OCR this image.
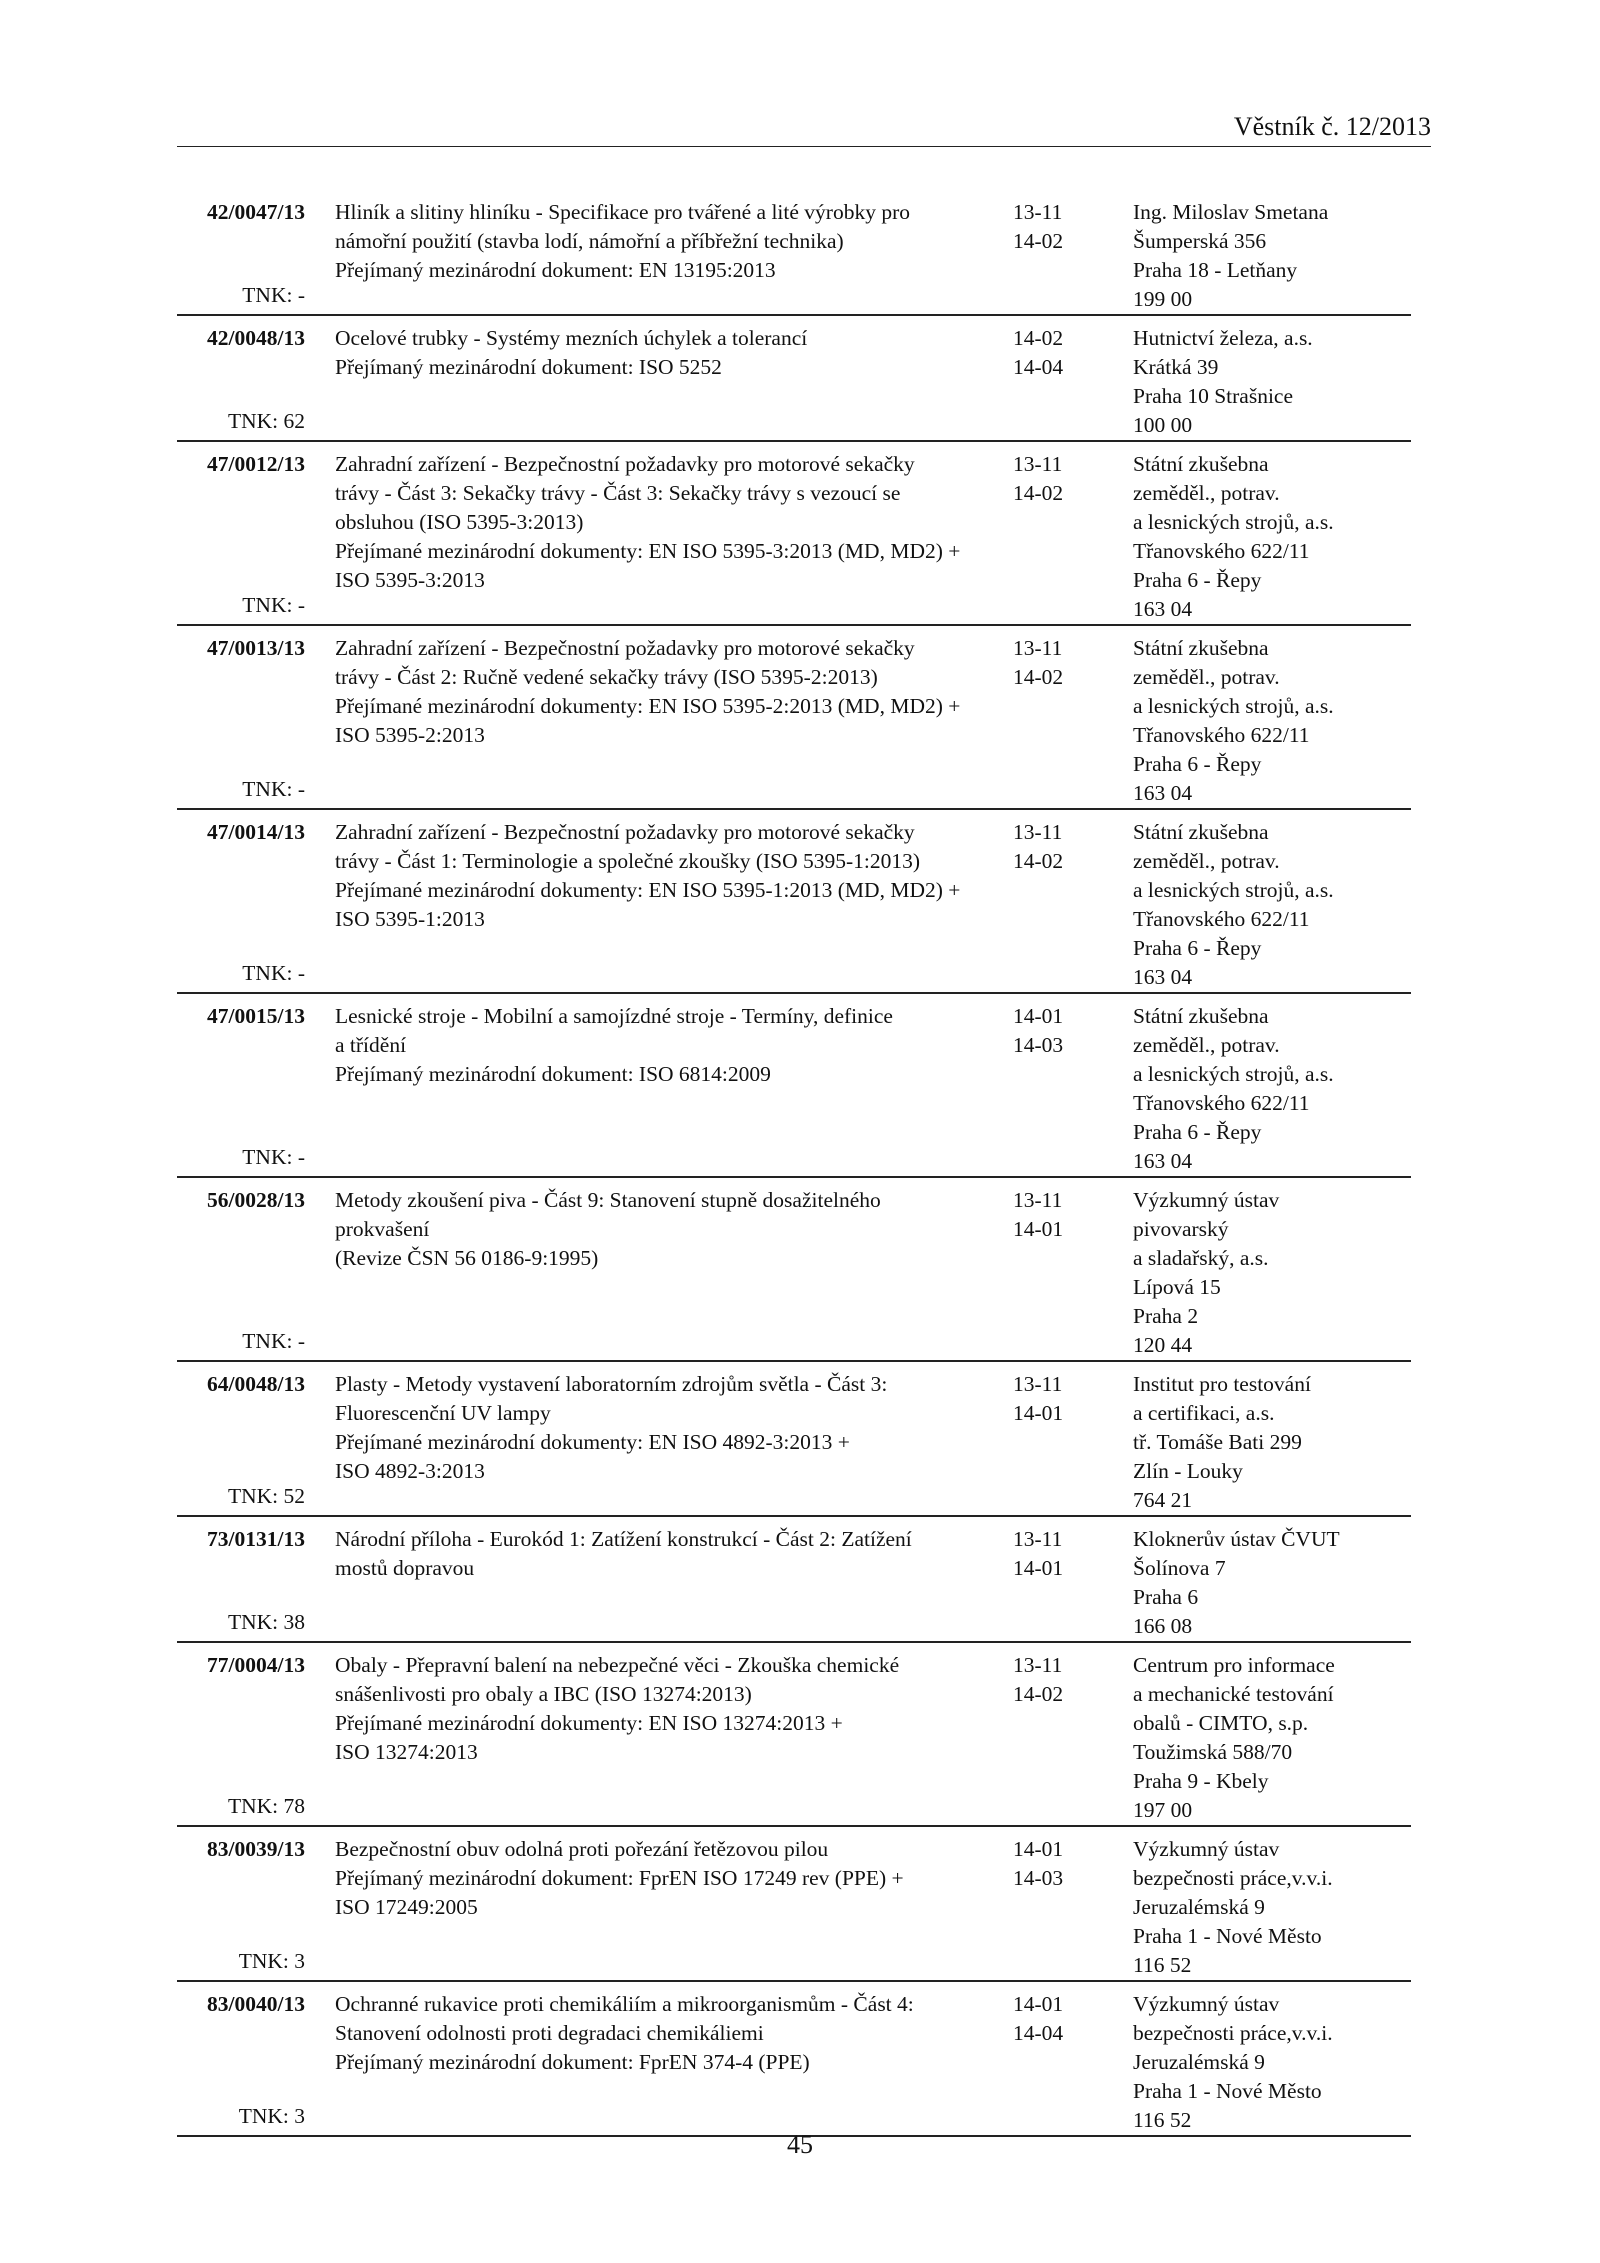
Věstník č. 12/2013
42/0047/13
TNK: -
Hliník a slitiny hliníku - Specifikace pro tvářené a lité výrobky pro
námořní použití (stavba lodí, námořní a příbřežní technika)
Přejímaný mezinárodní dokument: EN 13195:2013
13-11
14-02
Ing. Miloslav Smetana
Šumperská 356
Praha 18 - Letňany
199 00
42/0048/13
TNK: 62
Ocelové trubky - Systémy mezních úchylek a tolerancí
Přejímaný mezinárodní dokument: ISO 5252
14-02
14-04
Hutnictví železa, a.s.
Krátká 39
Praha 10 Strašnice
100 00
47/0012/13
TNK: -
Zahradní zařízení - Bezpečnostní požadavky pro motorové sekačky
trávy - Část 3: Sekačky trávy - Část 3: Sekačky trávy s vezoucí se
obsluhou (ISO 5395-3:2013)
Přejímané mezinárodní dokumenty: EN ISO 5395-3:2013 (MD, MD2) +
ISO 5395-3:2013
13-11
14-02
Státní zkušebna
zeměděl., potrav.
a lesnických strojů, a.s.
Třanovského 622/11
Praha 6 - Řepy
163 04
47/0013/13
TNK: -
Zahradní zařízení - Bezpečnostní požadavky pro motorové sekačky
trávy - Část 2: Ručně vedené sekačky trávy (ISO 5395-2:2013)
Přejímané mezinárodní dokumenty: EN ISO 5395-2:2013 (MD, MD2) +
ISO 5395-2:2013
13-11
14-02
Státní zkušebna
zeměděl., potrav.
a lesnických strojů, a.s.
Třanovského 622/11
Praha 6 - Řepy
163 04
47/0014/13
TNK: -
Zahradní zařízení - Bezpečnostní požadavky pro motorové sekačky
trávy - Část 1: Terminologie a společné zkoušky (ISO 5395-1:2013)
Přejímané mezinárodní dokumenty: EN ISO 5395-1:2013 (MD, MD2) +
ISO 5395-1:2013
13-11
14-02
Státní zkušebna
zeměděl., potrav.
a lesnických strojů, a.s.
Třanovského 622/11
Praha 6 - Řepy
163 04
47/0015/13
TNK: -
Lesnické stroje - Mobilní a samojízdné stroje - Termíny, definice
a třídění
Přejímaný mezinárodní dokument: ISO 6814:2009
14-01
14-03
Státní zkušebna
zeměděl., potrav.
a lesnických strojů, a.s.
Třanovského 622/11
Praha 6 - Řepy
163 04
56/0028/13
TNK: -
Metody zkoušení piva - Část 9: Stanovení stupně dosažitelného
prokvašení
(Revize ČSN 56 0186-9:1995)
13-11
14-01
Výzkumný ústav
pivovarský
a sladařský, a.s.
Lípová 15
Praha 2
120 44
64/0048/13
TNK: 52
Plasty - Metody vystavení laboratorním zdrojům světla - Část 3:
Fluorescenční UV lampy
Přejímané mezinárodní dokumenty: EN ISO 4892-3:2013 +
ISO 4892-3:2013
13-11
14-01
Institut pro testování
a certifikaci, a.s.
tř. Tomáše Bati 299
Zlín - Louky
764 21
73/0131/13
TNK: 38
Národní příloha - Eurokód 1: Zatížení konstrukcí - Část 2: Zatížení
mostů dopravou
13-11
14-01
Kloknerův ústav ČVUT
Šolínova 7
Praha 6
166 08
77/0004/13
TNK: 78
Obaly - Přepravní balení na nebezpečné věci - Zkouška chemické
snášenlivosti pro obaly a IBC (ISO 13274:2013)
Přejímané mezinárodní dokumenty: EN ISO 13274:2013 +
ISO 13274:2013
13-11
14-02
Centrum pro informace
a mechanické testování
obalů - CIMTO, s.p.
Toužimská 588/70
Praha 9 - Kbely
197 00
83/0039/13
TNK: 3
Bezpečnostní obuv odolná proti pořezání řetězovou pilou
Přejímaný mezinárodní dokument: FprEN ISO 17249 rev (PPE) +
ISO 17249:2005
14-01
14-03
Výzkumný ústav
bezpečnosti práce,v.v.i.
Jeruzalémská 9
Praha 1 - Nové Město
116 52
83/0040/13
TNK: 3
Ochranné rukavice proti chemikáliím a mikroorganismům - Část 4:
Stanovení odolnosti proti degradaci chemikáliemi
Přejímaný mezinárodní dokument: FprEN 374-4 (PPE)
14-01
14-04
Výzkumný ústav
bezpečnosti práce,v.v.i.
Jeruzalémská 9
Praha 1 - Nové Město
116 52
45
